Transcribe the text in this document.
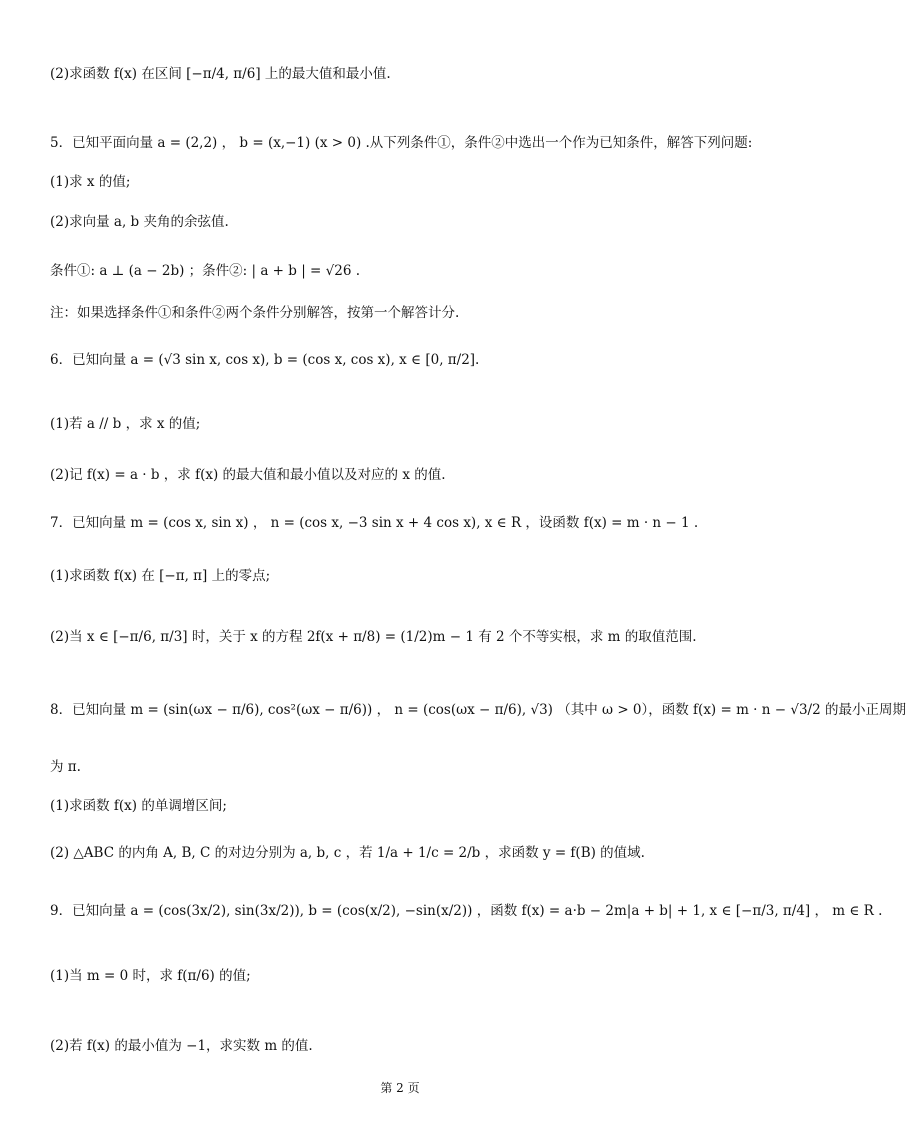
(2)求函数 f(x) 在区间 [−π/4, π/6] 上的最大值和最小值.
5．已知平面向量 a = (2,2) ， b = (x,−1) (x > 0) .从下列条件①，条件②中选出一个作为已知条件，解答下列问题:
(1)求 x 的值;
(2)求向量 a, b 夹角的余弦值.
条件①: a ⊥ (a − 2b) ；条件②: | a + b | = √26 .
注：如果选择条件①和条件②两个条件分别解答，按第一个解答计分.
6．已知向量 a = (√3 sin x, cos x), b = (cos x, cos x), x ∈ [0, π/2].
(1)若 a // b ，求 x 的值;
(2)记 f(x) = a · b ，求 f(x) 的最大值和最小值以及对应的 x 的值.
7．已知向量 m = (cos x, sin x) ， n = (cos x, −3 sin x + 4 cos x), x ∈ R ，设函数 f(x) = m · n − 1 .
(1)求函数 f(x) 在 [−π, π] 上的零点;
(2)当 x ∈ [−π/6, π/3] 时，关于 x 的方程 2f(x + π/8) = (1/2)m − 1 有 2 个不等实根，求 m 的取值范围.
8．已知向量 m = (sin(ωx − π/6), cos²(ωx − π/6)) ， n = (cos(ωx − π/6), √3) （其中 ω > 0），函数 f(x) = m · n − √3/2 的最小正周期
为 π.
(1)求函数 f(x) 的单调增区间;
(2) △ABC 的内角 A, B, C 的对边分别为 a, b, c ，若 1/a + 1/c = 2/b ，求函数 y = f(B) 的值域.
9．已知向量 a = (cos(3x/2), sin(3x/2)), b = (cos(x/2), −sin(x/2)) ，函数 f(x) = a·b − 2m|a + b| + 1, x ∈ [−π/3, π/4] ， m ∈ R .
(1)当 m = 0 时，求 f(π/6) 的值;
(2)若 f(x) 的最小值为 −1，求实数 m 的值.
第 2 页
